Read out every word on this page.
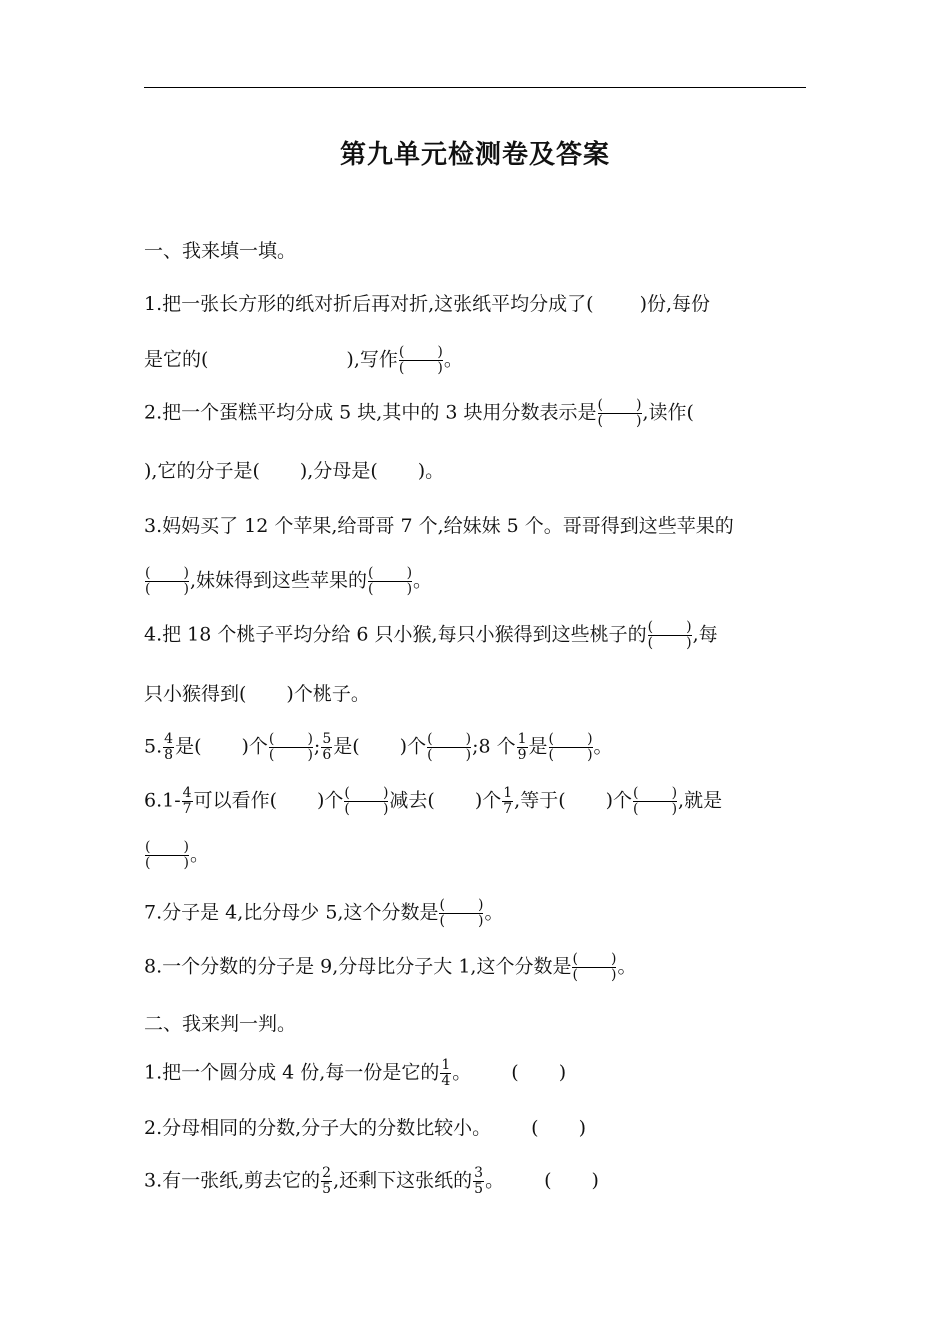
第九单元检测卷及答案
一、我来填一填。
1.把一张长方形的纸对折后再对折,这张纸平均分成了( )份,每份
是它的(	),写作 ( )
( ) 。
2.把一个蛋糕平均分成 5 块,其中的 3 块用分数表示是 ( )
( ) ,读作(
),它的分子是( ),分母是( )。
3.妈妈买了 12 个苹果,给哥哥 7 个,给妹妹 5 个。哥哥得到这些苹果的
( )
( ) ,妹妹得到这些苹果的 ( )
( ) 。
4.把 18 个桃子平均分给 6 只小猴,每只小猴得到这些桃子的 ( )
( ) ,每
只小猴得到( )个桃子。
5. $\frac{4}{8}$ 是( )个 ( )
( ) ; $\frac{5}{6}$ 是( )个 ( )
( ) ;8 个 $\frac{1}{9}$ 是 ( )
( ) 。
$6.1- \frac{4}{7}$ 可以看作( )个 ( )
( ) 减去( )个 $\frac{1}{7}$ ,等于( )个 ( )
( ) ,就是
( )
( ) 。
7.分子是 4,比分母少 5,这个分数是 ( )
( ) 。
8.一个分数的分子是 9,分母比分子大 1,这个分数是 ( )
( ) 。
二、我来判一判。
1.把一个圆分成 4 份,每一份是它的 $\frac{1}{4}$ 。 ( )
2.分母相同的分数,分子大的分数比较小。 ( )
3.有一张纸,剪去它的 $\frac{2}{5}$ ,还剩下这张纸的 $\frac{3}{5}$ 。 ( )
